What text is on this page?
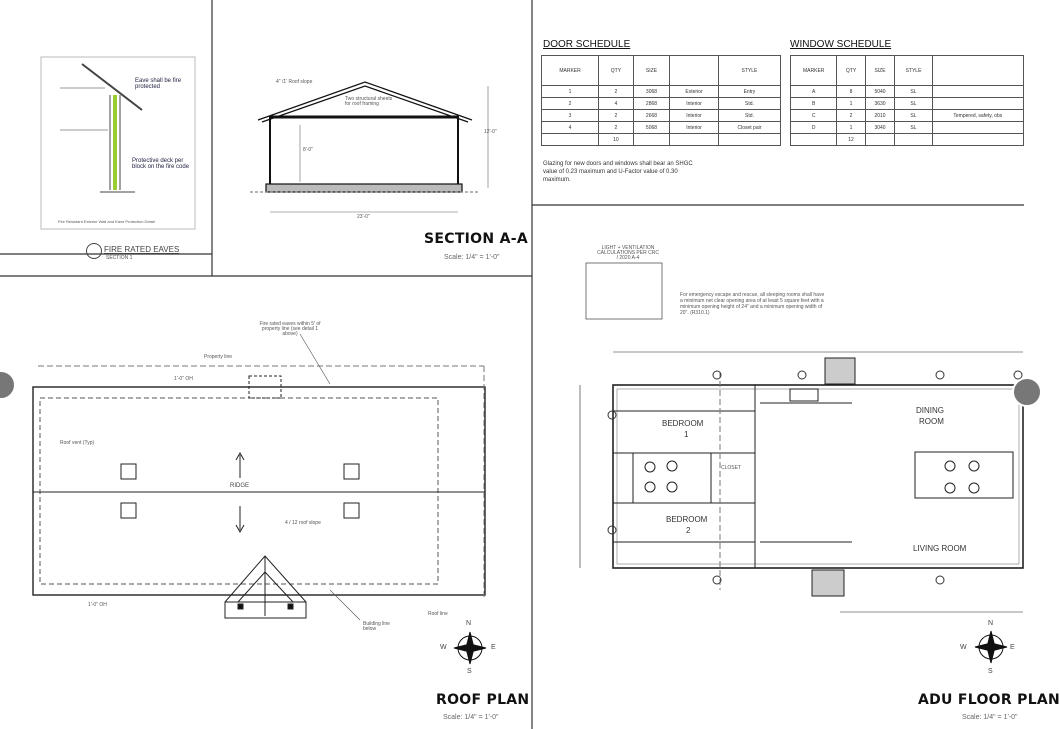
Eave shall be fire protected
Protective deck per block on the fire code
Fire Resistant Exterior Wall and Eave Protection Detail
FIRE RATED EAVES
SECTION 1
4" /1' Roof slope
Two structural sheets for roof framing
8'-0"
12'-0"
23'-0"
SECTION A-A
Scale: 1/4" = 1'-0"
DOOR SCHEDULE
MARKER	QTY	SIZE		STYLE
1	2	3068	Exterior	Entry
2	4	2868	Interior	Std.
3	2	2668	Interior	Std.
4	2	5068	Interior	Closet pair
	10			
Glazing for new doors and windows shall bear an SHGC value of 0.23 maximum and U-Factor value of 0.30 maximum.
WINDOW SCHEDULE
MARKER	QTY	SIZE	STYLE	
A	8	5040	SL	
B	1	3630	SL	
C	2	2010	SL	Tempered, safety, obs
D	1	3040	SL	
	12			
Fire rated eaves within 5' of property line (see detail 1 above)
Property line
1'-0" OH
Roof vent (Typ)
RIDGE
4 / 12 roof slope
1'-0" OH
Roof line
Building line below
ROOF PLAN
Scale: 1/4" = 1'-0"
LIGHT + VENTILATION CALCULATIONS PER CRC / 2020 A-4
For emergency escape and rescue, all sleeping rooms shall have a minimum net clear opening area of at least 5 square feet with a minimum opening height of 24" and a minimum opening width of 20". (R310.1)
BEDROOM
1
BEDROOM
2
CLOSET
DINING
ROOM
LIVING ROOM
ADU FLOOR PLAN
Scale: 1/4" = 1'-0"
N
S
W	E
N
S
W	E
